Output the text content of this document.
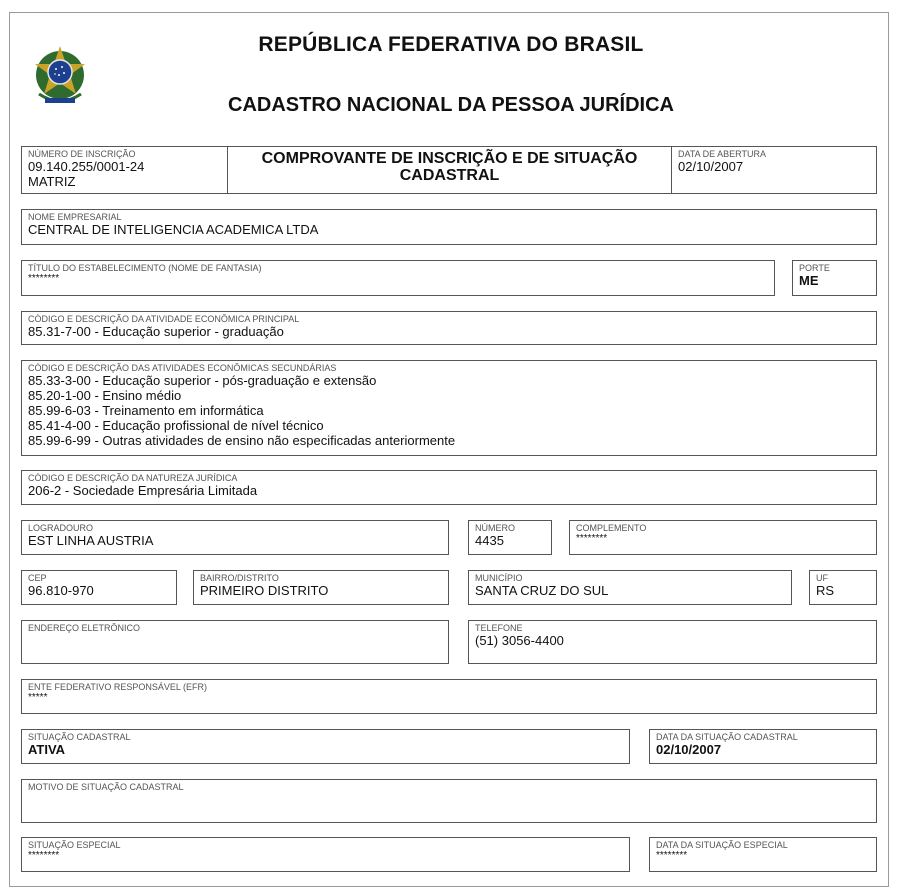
REPÚBLICA FEDERATIVA DO BRASIL
CADASTRO NACIONAL DA PESSOA JURÍDICA
NÚMERO DE INSCRIÇÃO
09.140.255/0001-24
MATRIZ
COMPROVANTE DE INSCRIÇÃO E DE SITUAÇÃO
CADASTRAL
DATA DE ABERTURA
02/10/2007
NOME EMPRESARIAL
CENTRAL DE INTELIGENCIA ACADEMICA LTDA
TÍTULO DO ESTABELECIMENTO (NOME DE FANTASIA)
********
PORTE
ME
CÓDIGO E DESCRIÇÃO DA ATIVIDADE ECONÔMICA PRINCIPAL
85.31-7-00 - Educação superior - graduação
CÓDIGO E DESCRIÇÃO DAS ATIVIDADES ECONÔMICAS SECUNDÁRIAS
85.33-3-00 - Educação superior - pós-graduação e extensão
85.20-1-00 - Ensino médio
85.99-6-03 - Treinamento em informática
85.41-4-00 - Educação profissional de nível técnico
85.99-6-99 - Outras atividades de ensino não especificadas anteriormente
CÓDIGO E DESCRIÇÃO DA NATUREZA JURÍDICA
206-2 - Sociedade Empresária Limitada
LOGRADOURO
EST LINHA AUSTRIA
NÚMERO
4435
COMPLEMENTO
********
CEP
96.810-970
BAIRRO/DISTRITO
PRIMEIRO DISTRITO
MUNICÍPIO
SANTA CRUZ DO SUL
UF
RS
ENDEREÇO ELETRÔNICO	TELEFONE
(51) 3056-4400
ENTE FEDERATIVO RESPONSÁVEL (EFR)
*****
SITUAÇÃO CADASTRAL
ATIVA
DATA DA SITUAÇÃO CADASTRAL
02/10/2007
MOTIVO DE SITUAÇÃO CADASTRAL
SITUAÇÃO ESPECIAL
********
DATA DA SITUAÇÃO ESPECIAL
********
